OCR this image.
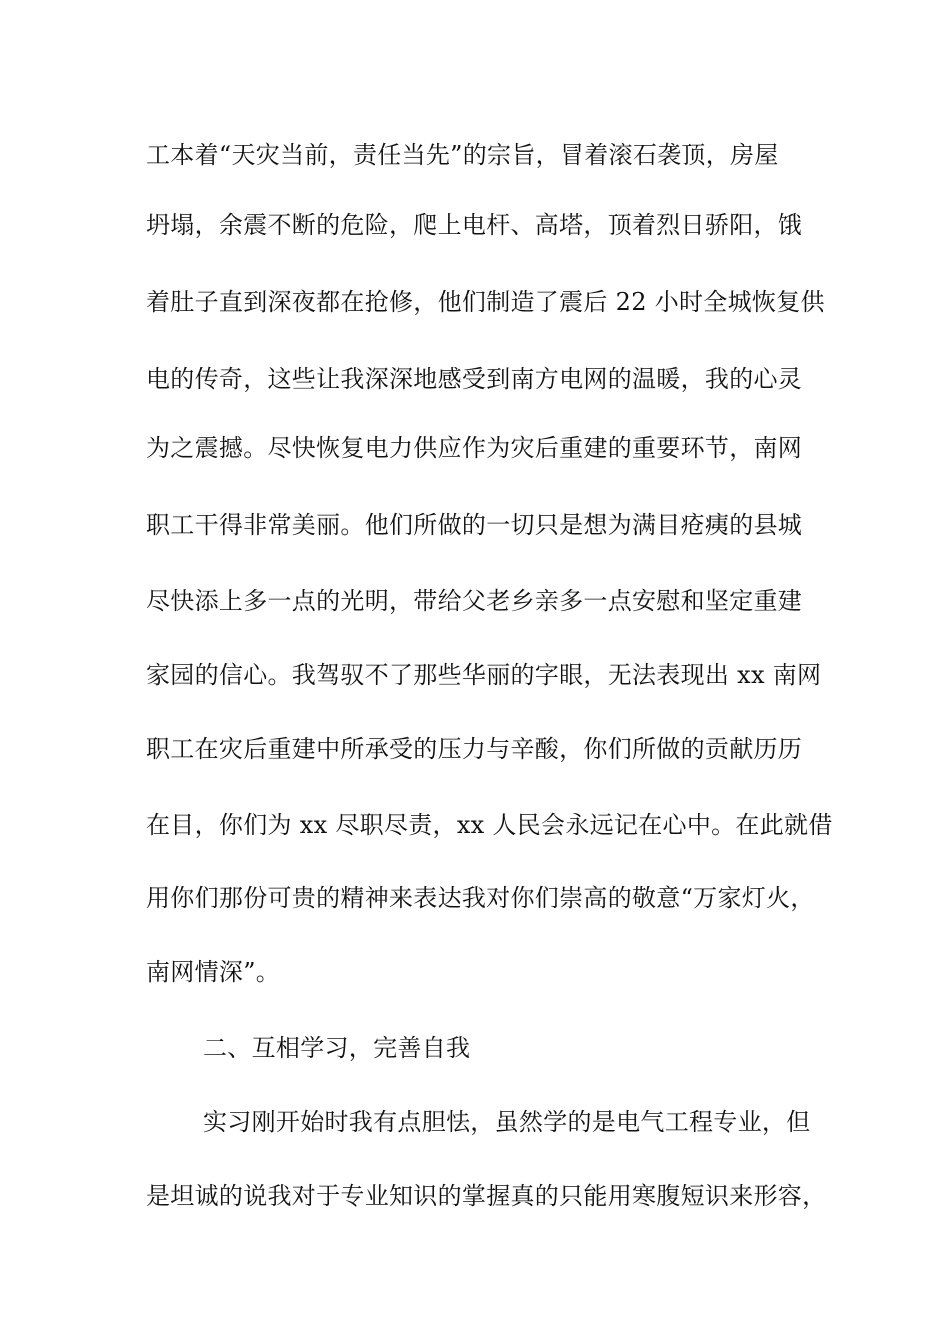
工本着“天灾当前，责任当先”的宗旨，冒着滚石袭顶，房屋
坍塌，余震不断的危险，爬上电杆、高塔，顶着烈日骄阳，饿
着肚子直到深夜都在抢修，他们制造了震后 22 小时全城恢复供
电的传奇，这些让我深深地感受到南方电网的温暖，我的心灵
为之震撼。尽快恢复电力供应作为灾后重建的重要环节，南网
职工干得非常美丽。他们所做的一切只是想为满目疮痍的县城
尽快添上多一点的光明，带给父老乡亲多一点安慰和坚定重建
家园的信心。我驾驭不了那些华丽的字眼，无法表现出 xx 南网
职工在灾后重建中所承受的压力与辛酸，你们所做的贡献历历
在目，你们为 xx 尽职尽责，xx 人民会永远记在心中。在此就借
用你们那份可贵的精神来表达我对你们崇高的敬意“万家灯火，
南网情深”。
二、互相学习，完善自我
实习刚开始时我有点胆怯，虽然学的是电气工程专业，但
是坦诚的说我对于专业知识的掌握真的只能用寒腹短识来形容，
